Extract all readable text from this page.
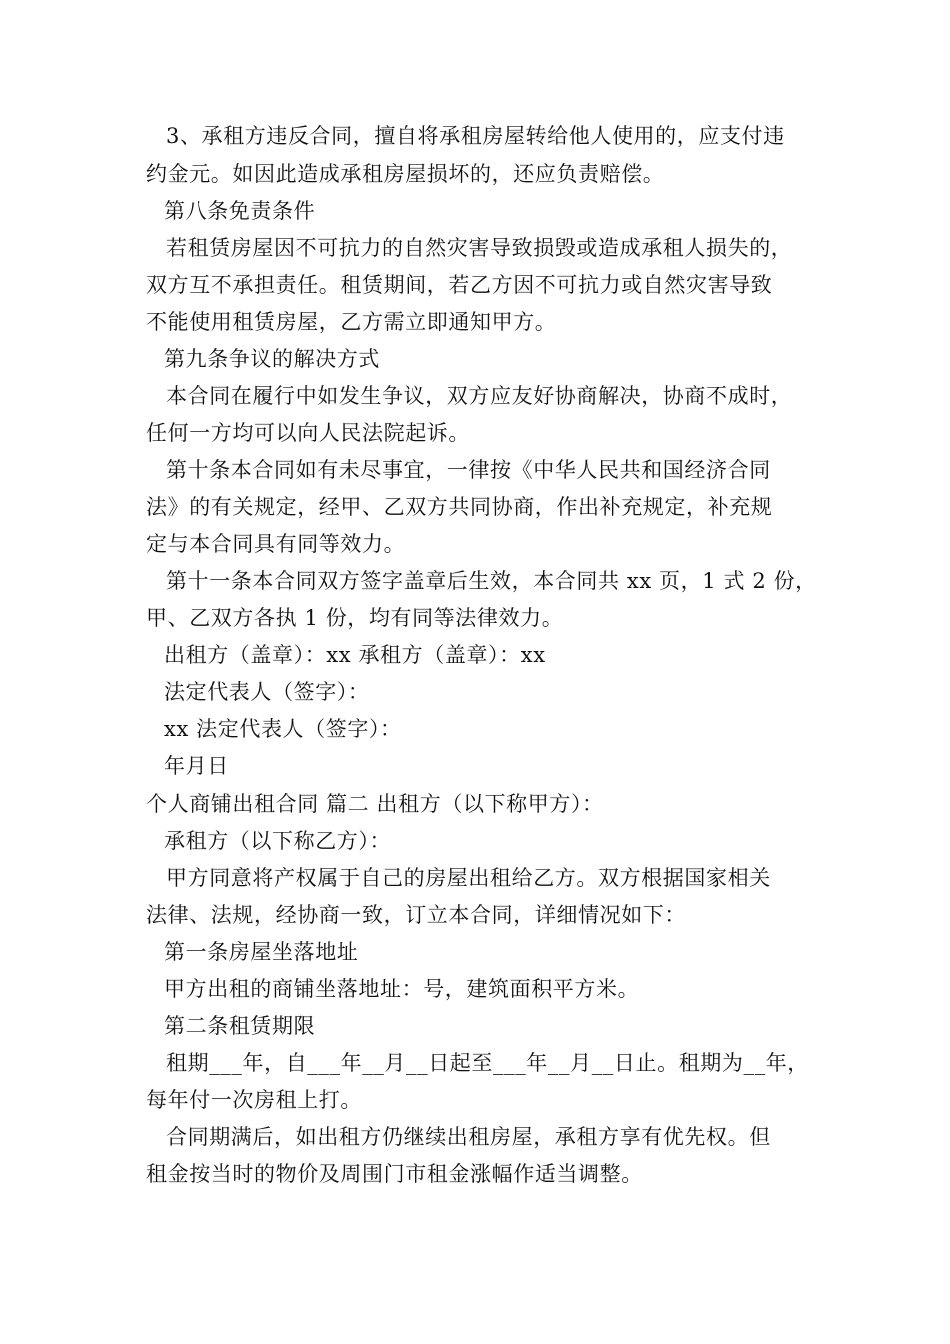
3、承租方违反合同，擅自将承租房屋转给他人使用的，应支付违
约金元。如因此造成承租房屋损坏的，还应负责赔偿。
第八条免责条件
若租赁房屋因不可抗力的自然灾害导致损毁或造成承租人损失的，
双方互不承担责任。租赁期间，若乙方因不可抗力或自然灾害导致
不能使用租赁房屋，乙方需立即通知甲方。
第九条争议的解决方式
本合同在履行中如发生争议，双方应友好协商解决，协商不成时，
任何一方均可以向人民法院起诉。
第十条本合同如有未尽事宜，一律按《中华人民共和国经济合同
法》的有关规定，经甲、乙双方共同协商，作出补充规定，补充规
定与本合同具有同等效力。
第十一条本合同双方签字盖章后生效，本合同共 xx 页，1 式 2 份，
甲、乙双方各执 1 份，均有同等法律效力。
出租方（盖章）：xx 承租方（盖章）：xx
法定代表人（签字）：
xx 法定代表人（签字）：
年月日
个人商铺出租合同 篇二 出租方（以下称甲方）：
承租方（以下称乙方）：
甲方同意将产权属于自己的房屋出租给乙方。双方根据国家相关
法律、法规，经协商一致，订立本合同，详细情况如下：
第一条房屋坐落地址
甲方出租的商铺坐落地址：号，建筑面积平方米。
第二条租赁期限
租期___年，自___年__月__日起至___年__月__日止。租期为__年，
每年付一次房租上打。
合同期满后，如出租方仍继续出租房屋，承租方享有优先权。但
租金按当时的物价及周围门市租金涨幅作适当调整。
